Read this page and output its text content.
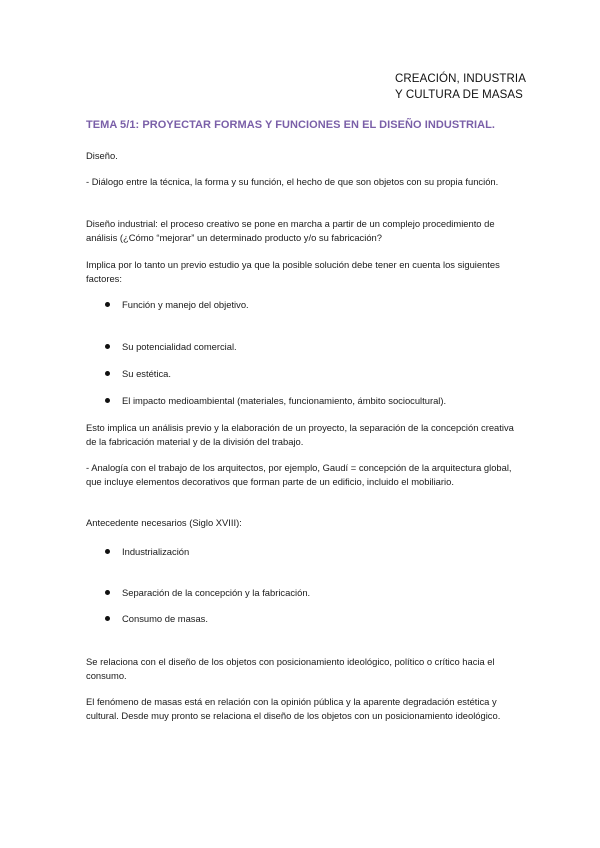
CREACIÓN, INDUSTRIA
Y CULTURA DE MASAS
TEMA 5/1: PROYECTAR FORMAS Y FUNCIONES EN EL DISEÑO INDUSTRIAL.
Diseño.
- Diálogo entre la técnica, la forma y su función, el hecho de que son objetos con su propia función.
Diseño industrial: el proceso creativo se pone en marcha a partir de un complejo procedimiento de análisis (¿Cómo “mejorar” un determinado producto y/o su fabricación?
Implica por lo tanto un previo estudio ya que la posible solución debe tener en cuenta los siguientes factores:
Función y manejo del objetivo.
Su potencialidad comercial.
Su estética.
El impacto medioambiental (materiales, funcionamiento, ámbito sociocultural).
Esto implica un análisis previo y la elaboración de un proyecto, la separación de la concepción creativa de la fabricación material y de la división del trabajo.
- Analogía con el trabajo de los arquitectos, por ejemplo, Gaudí = concepción de la arquitectura global, que incluye elementos decorativos que forman parte de un edificio, incluido el mobiliario.
Antecedente necesarios (Siglo XVIII):
Industrialización
Separación de la concepción y la fabricación.
Consumo de masas.
Se relaciona con el diseño de los objetos con posicionamiento ideológico, político o crítico hacia el consumo.
El fenómeno de masas está en relación con la opinión pública y la aparente degradación estética y cultural. Desde muy pronto se relaciona el diseño de los objetos con un posicionamiento ideológico.
